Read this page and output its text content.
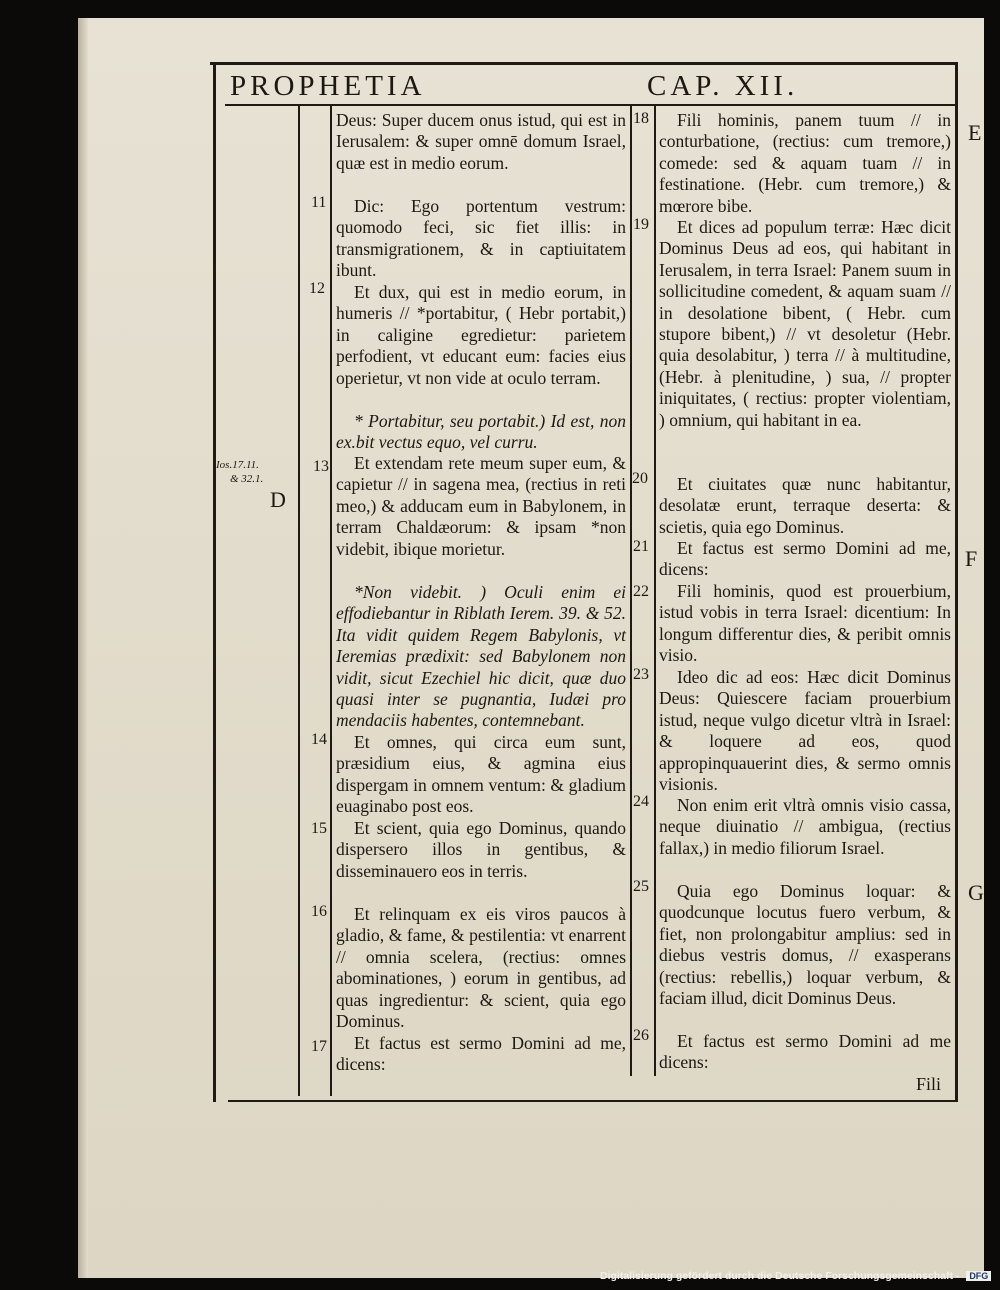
PROPHETIA	CAP. XII.
11
12
13
14
15
16
17
18
19
20
21
22
23
24
25
26

Deus: Super ducem onus istud, qui est in Ierusalem: & super omnē domum Israel, quæ est in medio eorum.

Dic: Ego portentum vestrum: quomodo feci, sic fiet illis: in transmigrationem, & in captiuitatem ibunt.

Et dux, qui est in medio eorum, in humeris // *portabitur, ( Hebr portabit,) in caligine egredietur: parietem perfodient, vt educant eum: facies eius operietur, vt non vide at oculo terram.

* Portabitur, seu portabit.) Id est, non ex.bit vectus equo, vel curru.

Et extendam rete meum super eum, & capietur // in sagena mea, (rectius in reti meo,) & adducam eum in Babylonem, in terram Chaldæorum: & ipsam *non videbit, ibique morietur.

*Non videbit. ) Oculi enim ei effodiebantur in Riblath Ierem. 39. & 52. Ita vidit quidem Regem Babylonis, vt Ieremias prædixit: sed Babylonem non vidit, sicut Ezechiel hic dicit, quæ duo quasi inter se pugnantia, Iudæi pro mendaciis habentes, contemnebant.

Et omnes, qui circa eum sunt, præsidium eius, & agmina eius dispergam in omnem ventum: & gladium euaginabo post eos.

Et scient, quia ego Dominus, quando dispersero illos in gentibus, & disseminauero eos in terris.

Et relinquam ex eis viros paucos à gladio, & fame, & pestilentia: vt enarrent // omnia scelera, (rectius: omnes abominationes, ) eorum in gentibus, ad quas ingredientur: & scient, quia ego Dominus.

Et factus est sermo Domini ad me, dicens:

Fili hominis, panem tuum // in conturbatione, (rectius: cum tremore,) comede: sed & aquam tuam // in festinatione. (Hebr. cum tremore,) & mœrore bibe.

Et dices ad populum terræ: Hæc dicit Dominus Deus ad eos, qui habitant in Ierusalem, in terra Israel: Panem suum in sollicitudine comedent, & aquam suam // in desolatione bibent, ( Hebr. cum stupore bibent,) // vt desoletur (Hebr. quia desolabitur, ) terra // à multitudine, (Hebr. à plenitudine, ) sua, // propter iniquitates, ( rectius: propter violentiam, ) omnium, qui habitant in ea.

Et ciuitates quæ nunc habitantur, desolatæ erunt, terraque deserta: & scietis, quia ego Dominus.

Et factus est sermo Domini ad me, dicens:

Fili hominis, quod est prouerbium, istud vobis in terra Israel: dicentium: In longum differentur dies, & peribit omnis visio.

Ideo dic ad eos: Hæc dicit Dominus Deus: Quiescere faciam prouerbium istud, neque vulgo dicetur vltrà in Israel: & loquere ad eos, quod appropinquauerint dies, & sermo omnis visionis.

Non enim erit vltrà omnis visio cassa, neque diuinatio // ambigua, (rectius fallax,) in medio filiorum Israel.

Quia ego Dominus loquar: & quodcunque locutus fuero verbum, & fiet, non prolongabitur amplius: sed in diebus vestris domus, // exasperans (rectius: rebellis,) loquar verbum, & faciam illud, dicit Dominus Deus.

Et factus est sermo Domini ad me dicens:

Ios.17.11.
& 32.1.
D
E
F
G
Fili
Digitalisierung gefördert durch die Deutsche Forschungsgemeinschaft - DFG
